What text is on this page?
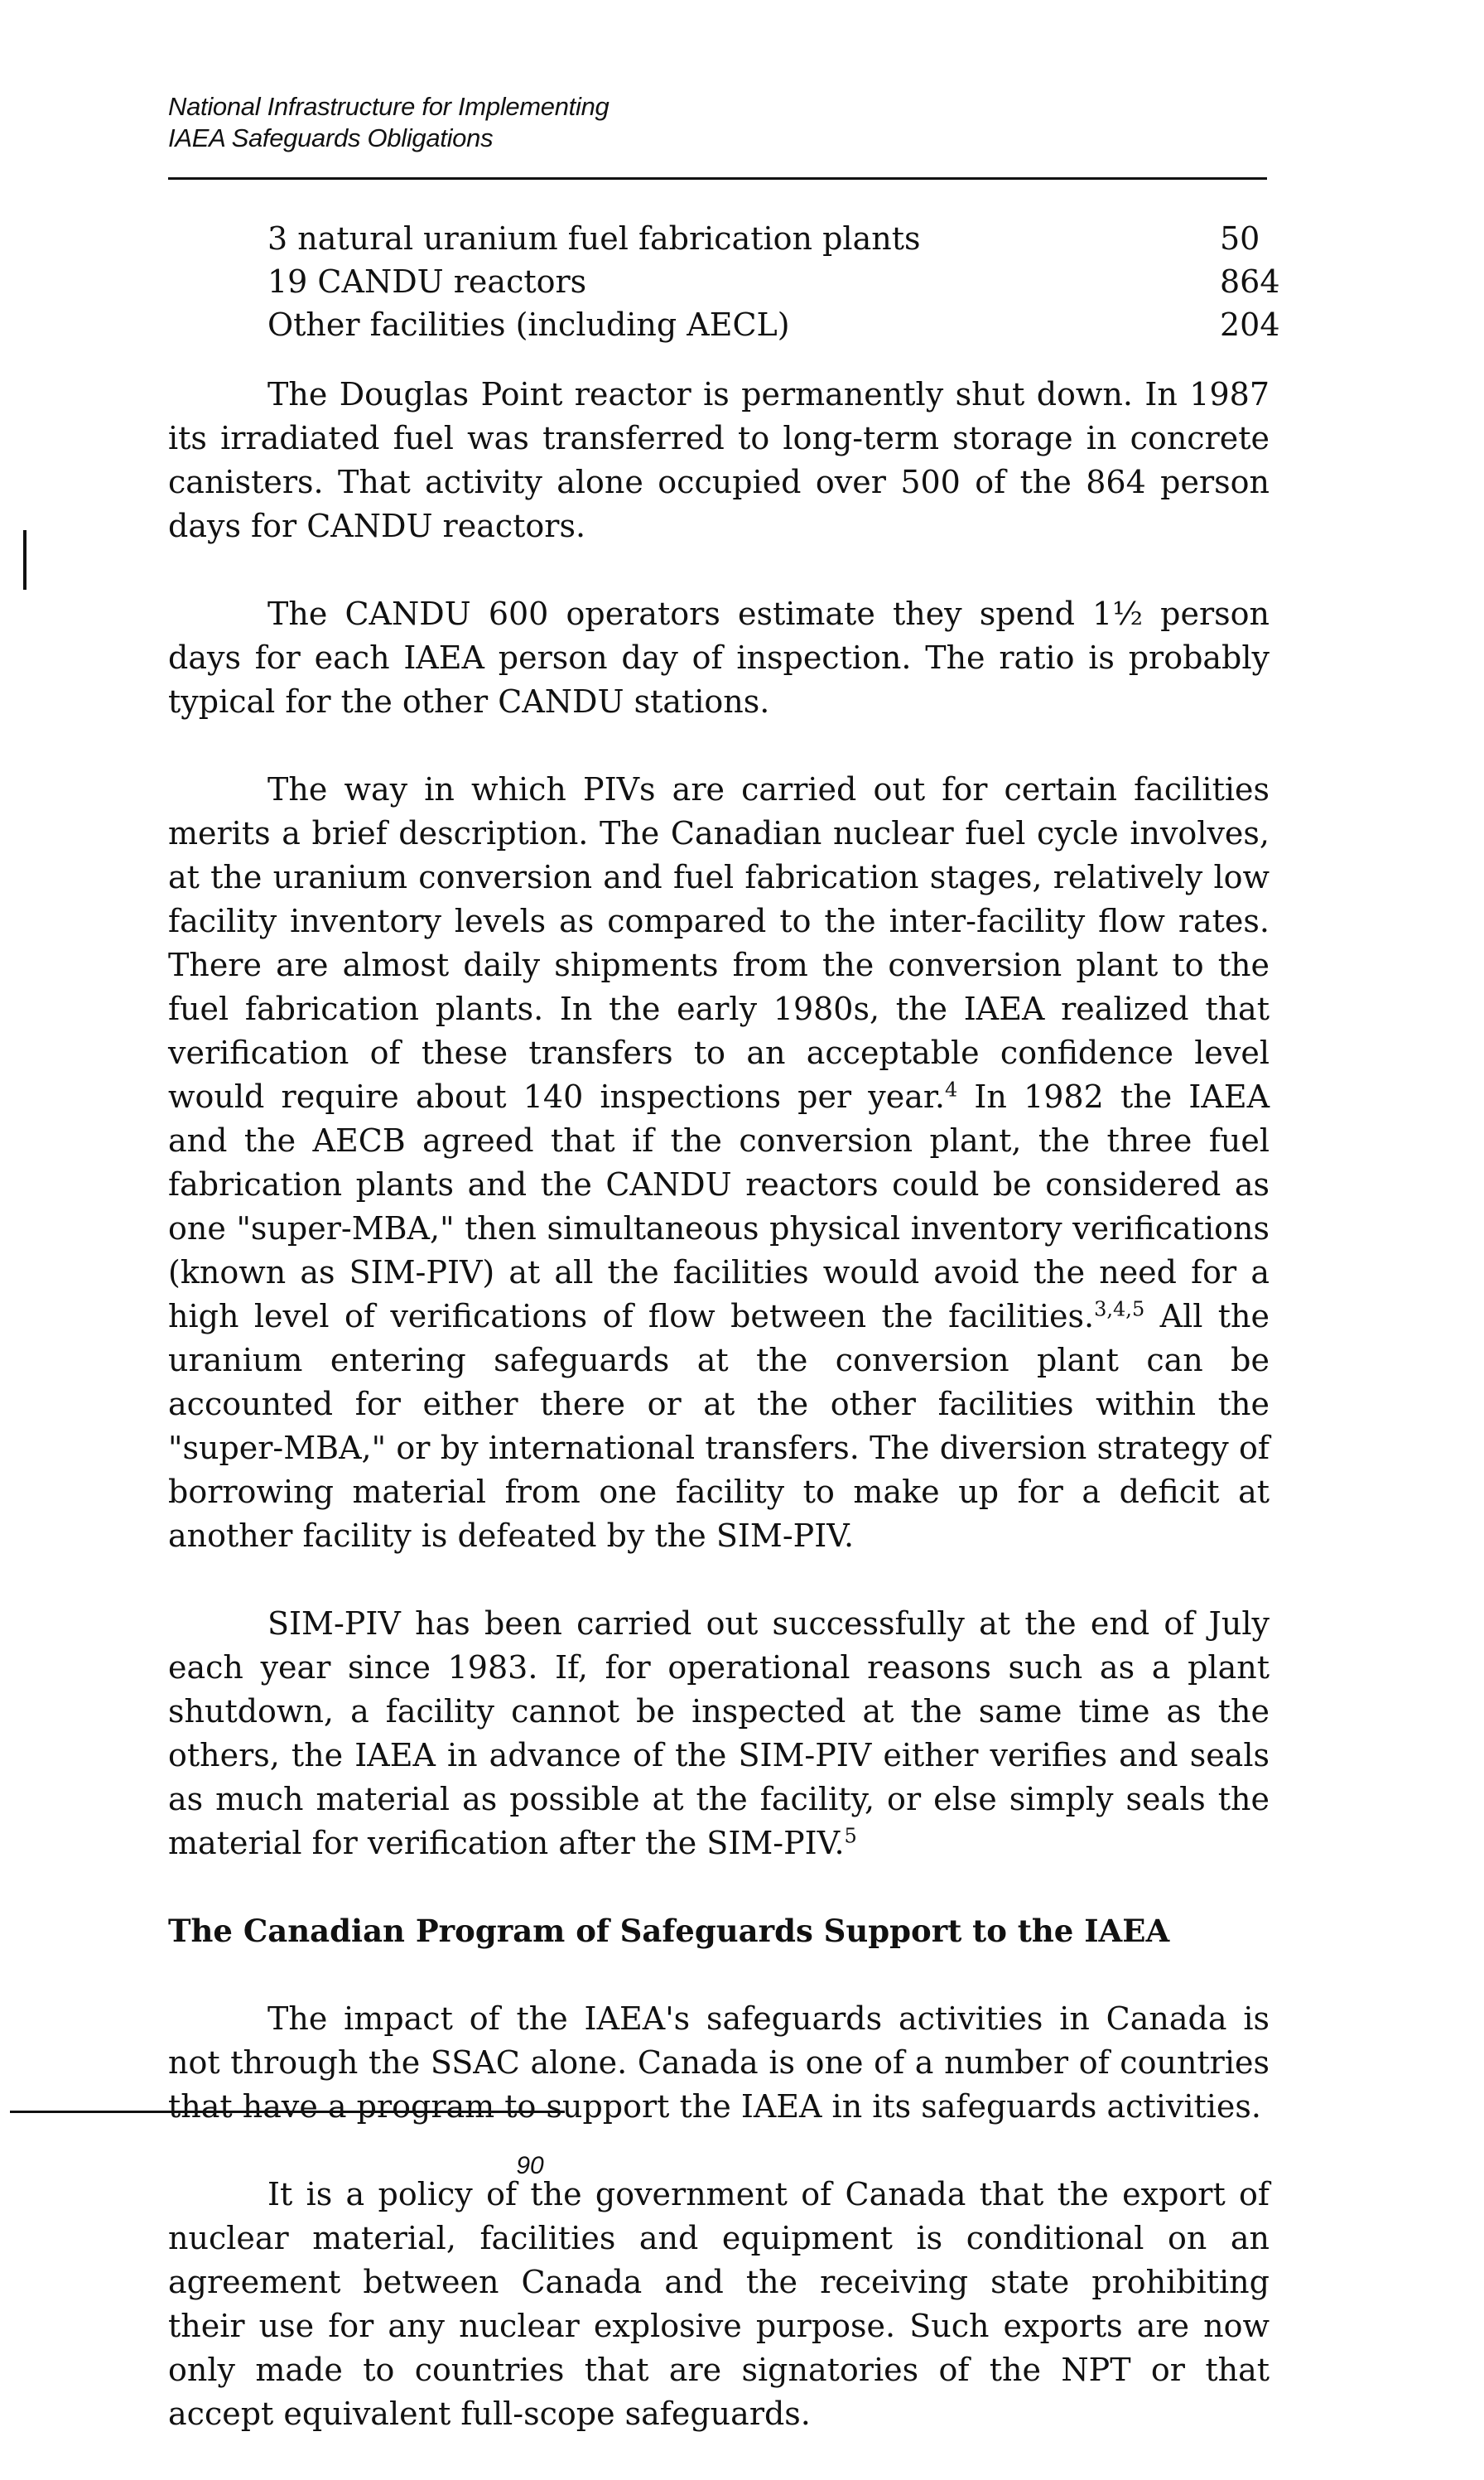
National Infrastructure for Implementing
IAEA Safeguards Obligations
3 natural uranium fuel fabrication plants	50
19 CANDU reactors	864
Other facilities (including AECL)	204

The Douglas Point reactor is permanently shut down. In 1987 its irradiated fuel was transferred to long-term storage in concrete canisters. That activity alone occupied over 500 of the 864 person days for CANDU reactors.

The CANDU 600 operators estimate they spend 1½ person days for each IAEA person day of inspection. The ratio is probably typical for the other CANDU stations.

The way in which PIVs are carried out for certain facilities merits a brief description. The Canadian nuclear fuel cycle involves, at the uranium conversion and fuel fabrication stages, relatively low facility inventory levels as compared to the inter-facility flow rates. There are almost daily shipments from the conversion plant to the fuel fabrication plants. In the early 1980s, the IAEA realized that verification of these transfers to an acceptable confidence level would require about 140 inspections per year.$^4$ In 1982 the IAEA and the AECB agreed that if the conversion plant, the three fuel fabrication plants and the CANDU reactors could be considered as one "super-MBA," then simultaneous physical inventory verifications (known as SIM-PIV) at all the facilities would avoid the need for a high level of verifications of flow between the facilities.$^{3,4,5}$ All the uranium entering safeguards at the conversion plant can be accounted for either there or at the other facilities within the "super-MBA," or by international transfers. The diversion strategy of borrowing material from one facility to make up for a deficit at another facility is defeated by the SIM-PIV.

SIM-PIV has been carried out successfully at the end of July each year since 1983. If, for operational reasons such as a plant shutdown, a facility cannot be inspected at the same time as the others, the IAEA in advance of the SIM-PIV either verifies and seals as much material as possible at the facility, or else simply seals the material for verification after the SIM-PIV.$^5$

The Canadian Program of Safeguards Support to the IAEA

The impact of the IAEA's safeguards activities in Canada is not through the SSAC alone. Canada is one of a number of countries that have a program to support the IAEA in its safeguards activities.

It is a policy of the government of Canada that the export of nuclear material, facilities and equipment is conditional on an agreement between Canada and the receiving state prohibiting their use for any nuclear explosive purpose. Such exports are now only made to countries that are signatories of the NPT or that accept equivalent full-scope safeguards.

90
